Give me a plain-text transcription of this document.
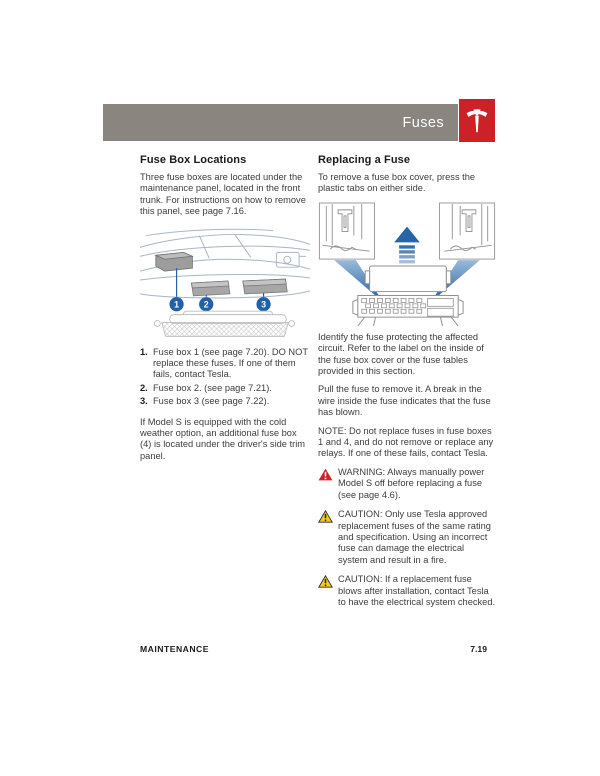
Fuses
Fuse Box Locations

Three fuse boxes are located under the maintenance panel, located in the front trunk. For instructions on how to remove this panel, see page 7.16.

1	2	3
1. Fuse box 1 (see page 7.20). DO NOT replace these fuses. If one of them fails, contact Tesla.
2. Fuse box 2. (see page 7.21).
3. Fuse box 3 (see page 7.22).

If Model S is equipped with the cold weather option, an additional fuse box (4) is located under the driver's side trim panel.

Replacing a Fuse

To remove a fuse box cover, press the plastic tabs on either side.

Identify the fuse protecting the affected circuit. Refer to the label on the inside of the fuse box cover or the fuse tables provided in this section.

Pull the fuse to remove it. A break in the wire inside the fuse indicates that the fuse has blown.

NOTE: Do not replace fuses in fuse boxes 1 and 4, and do not remove or replace any relays. If one of these fails, contact Tesla.

WARNING: Always manually power Model S off before replacing a fuse (see page 4.6).
CAUTION: Only use Tesla approved replacement fuses of the same rating and specification. Using an incorrect fuse can damage the electrical system and result in a fire.
CAUTION: If a replacement fuse blows after installation, contact Tesla to have the electrical system checked.
MAINTENANCE	7.19
